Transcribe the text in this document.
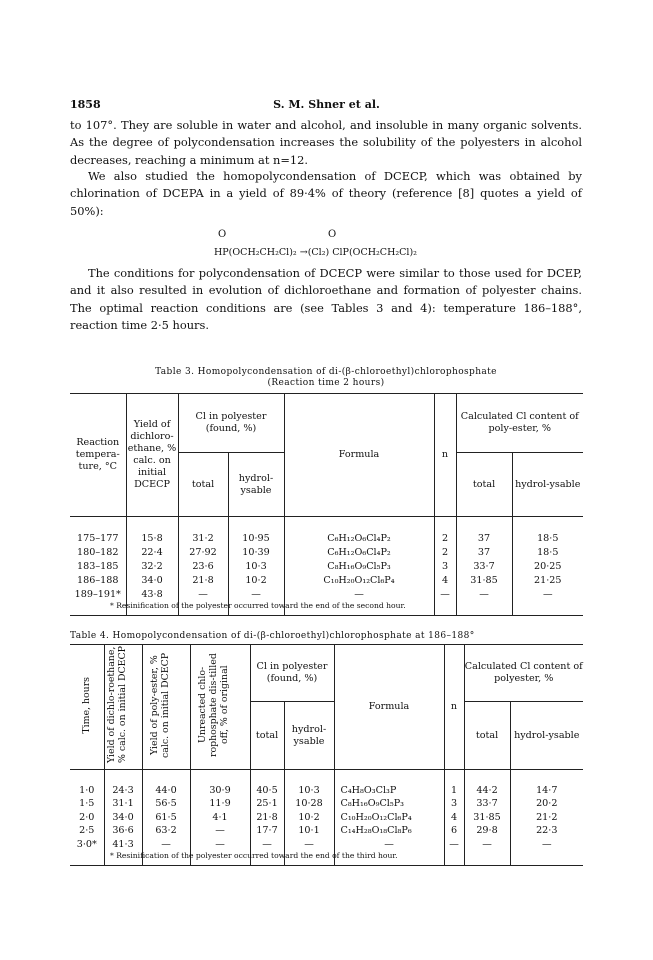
1858	S. M. Shner et al.
to 107°. They are soluble in water and alcohol, and insoluble in many organic solvents. As the degree of polycondensation increases the solubility of the polyesters in alcohol decreases, reaching a minimum at n=12.
We also studied the homopolycondensation of DCECP, which was obtained by chlorination of DCEPA in a yield of 89·4% of theory (reference [8] quotes a yield of 50%):
O	O
HP(OCH₂CH₂Cl)₂ →(Cl₂) ClP(OCH₂CH₂Cl)₂
The conditions for polycondensation of DCECP were similar to those used for DCEP, and it also resulted in evolution of dichloroethane and formation of polyester chains. The optimal reaction conditions are (see Tables 3 and 4): temperature 186–188°, reaction time 2·5 hours.
Table 3. Homopolycondensation of di-(β-chloroethyl)chlorophosphate
(Reaction time 2 hours)
Reaction tempera-ture, °C	Yield of dichloro-ethane, % calc. on initial DCECP	Cl in polyester (found, %)		Formula	n	Calculated Cl content of poly-ester, %	
		total	hydrol-ysable			total	hydrol-ysable

175–177	15·8	31·2	10·95	C₆H₁₂O₆Cl₄P₂	2	37	18·5
180–182	22·4	27·92	10·39	C₆H₁₂O₆Cl₄P₂	2	37	18·5
183–185	32·2	23·6	10·3	C₈H₁₆O₉Cl₅P₃	3	33·7	20·25
186–188	34·0	21·8	10·2	C₁₀H₂₀O₁₂Cl₆P₄	4	31·85	21·25
189–191*	43·8	—	—	—	—	—	—

* Resinification of the polyester occurred toward the end of the second hour.
Table 4. Homopolycondensation of di-(β-chloroethyl)chlorophosphate at 186–188°
Time, hours	Yield of dichlo-roethane, % calc. on initial DCECP	Yield of poly-ester, % calc. on initial DCECP	Unreacted chlo-rophosphate dis-tilled off, % of original	Cl in polyester (found, %)		Formula	n	Calculated Cl content of polyester, %	
				total	hydrol-ysable			total	hydrol-ysable

1·0	24·3	44·0	30·9	40·5	10·3	C₄H₈O₃Cl₃P	1	44·2	14·7
1·5	31·1	56·5	11·9	25·1	10·28	C₈H₁₆O₉Cl₅P₃	3	33·7	20·2
2·0	34·0	61·5	4·1	21·8	10·2	C₁₀H₂₀O₁₂Cl₆P₄	4	31·85	21·2
2·5	36·6	63·2	—	17·7	10·1	C₁₄H₂₈O₁₈Cl₈P₆	6	29·8	22·3
3·0*	41·3	—	—	—	—	—	—	—	—

* Resinification of the polyester occurred toward the end of the third hour.
